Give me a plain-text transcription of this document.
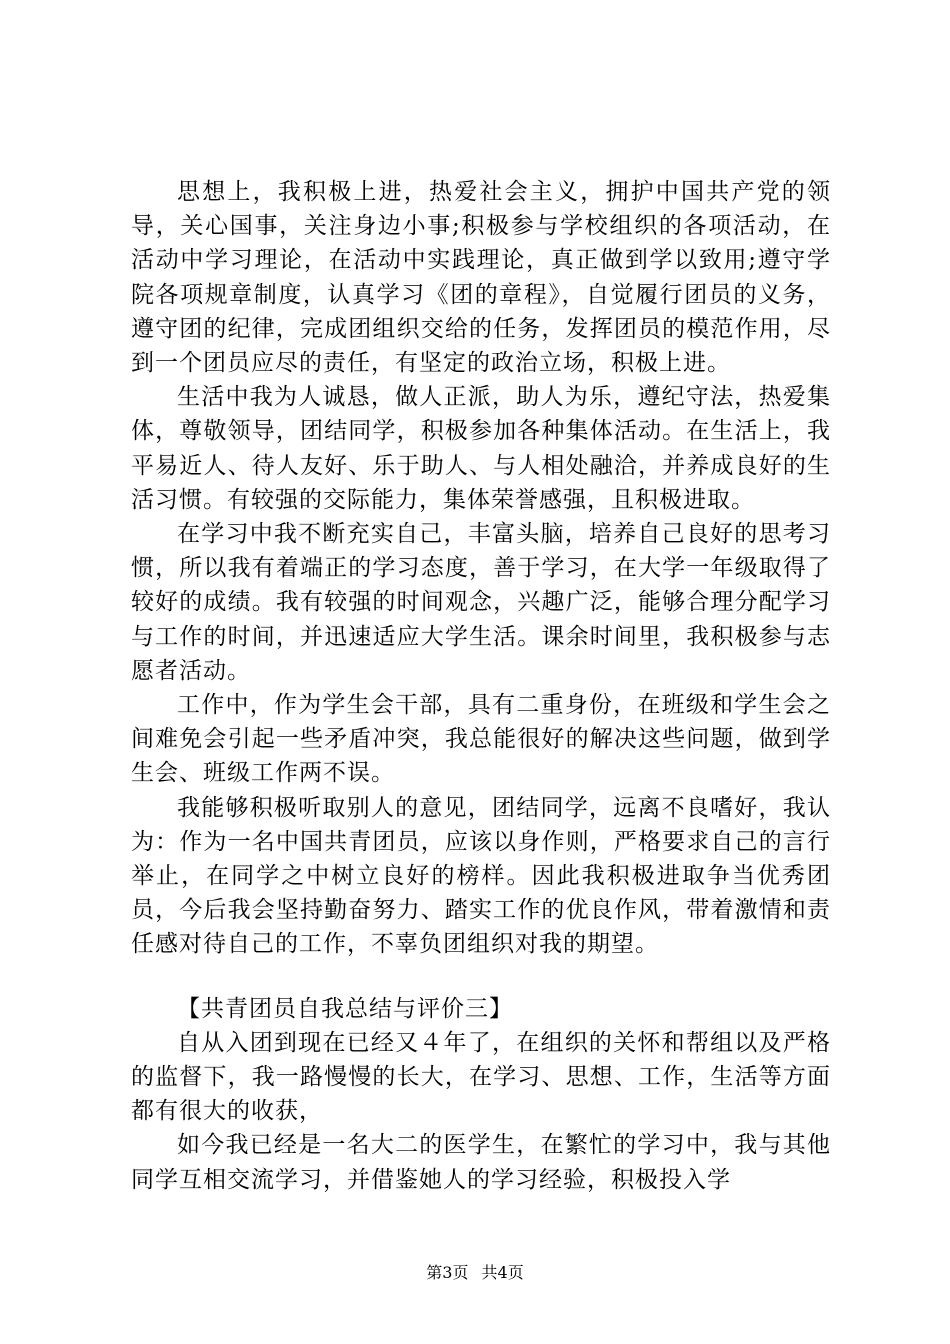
思想上，我积极上进，热爱社会主义，拥护中国共产党的领导，关心国事，关注身边小事;积极参与学校组织的各项活动，在活动中学习理论，在活动中实践理论，真正做到学以致用;遵守学院各项规章制度，认真学习《团的章程》，自觉履行团员的义务，遵守团的纪律，完成团组织交给的任务，发挥团员的模范作用，尽到一个团员应尽的责任，有坚定的政治立场，积极上进。

生活中我为人诚恳，做人正派，助人为乐，遵纪守法，热爱集体，尊敬领导，团结同学，积极参加各种集体活动。在生活上，我平易近人、待人友好、乐于助人、与人相处融洽，并养成良好的生活习惯。有较强的交际能力，集体荣誉感强，且积极进取。

在学习中我不断充实自己，丰富头脑，培养自己良好的思考习惯，所以我有着端正的学习态度，善于学习，在大学一年级取得了较好的成绩。我有较强的时间观念，兴趣广泛，能够合理分配学习与工作的时间，并迅速适应大学生活。课余时间里，我积极参与志愿者活动。

工作中，作为学生会干部，具有二重身份，在班级和学生会之间难免会引起一些矛盾冲突，我总能很好的解决这些问题，做到学生会、班级工作两不误。

我能够积极听取别人的意见，团结同学，远离不良嗜好，我认为：作为一名中国共青团员，应该以身作则，严格要求自己的言行举止，在同学之中树立良好的榜样。因此我积极进取争当优秀团员，今后我会坚持勤奋努力、踏实工作的优良作风，带着激情和责任感对待自己的工作，不辜负团组织对我的期望。

【共青团员自我总结与评价三】

自从入团到现在已经又４年了，在组织的关怀和帮组以及严格的监督下，我一路慢慢的长大，在学习、思想、工作，生活等方面都有很大的收获，

如今我已经是一名大二的医学生，在繁忙的学习中，我与其他同学互相交流学习，并借鉴她人的学习经验，积极投入学

第3页 共4页
